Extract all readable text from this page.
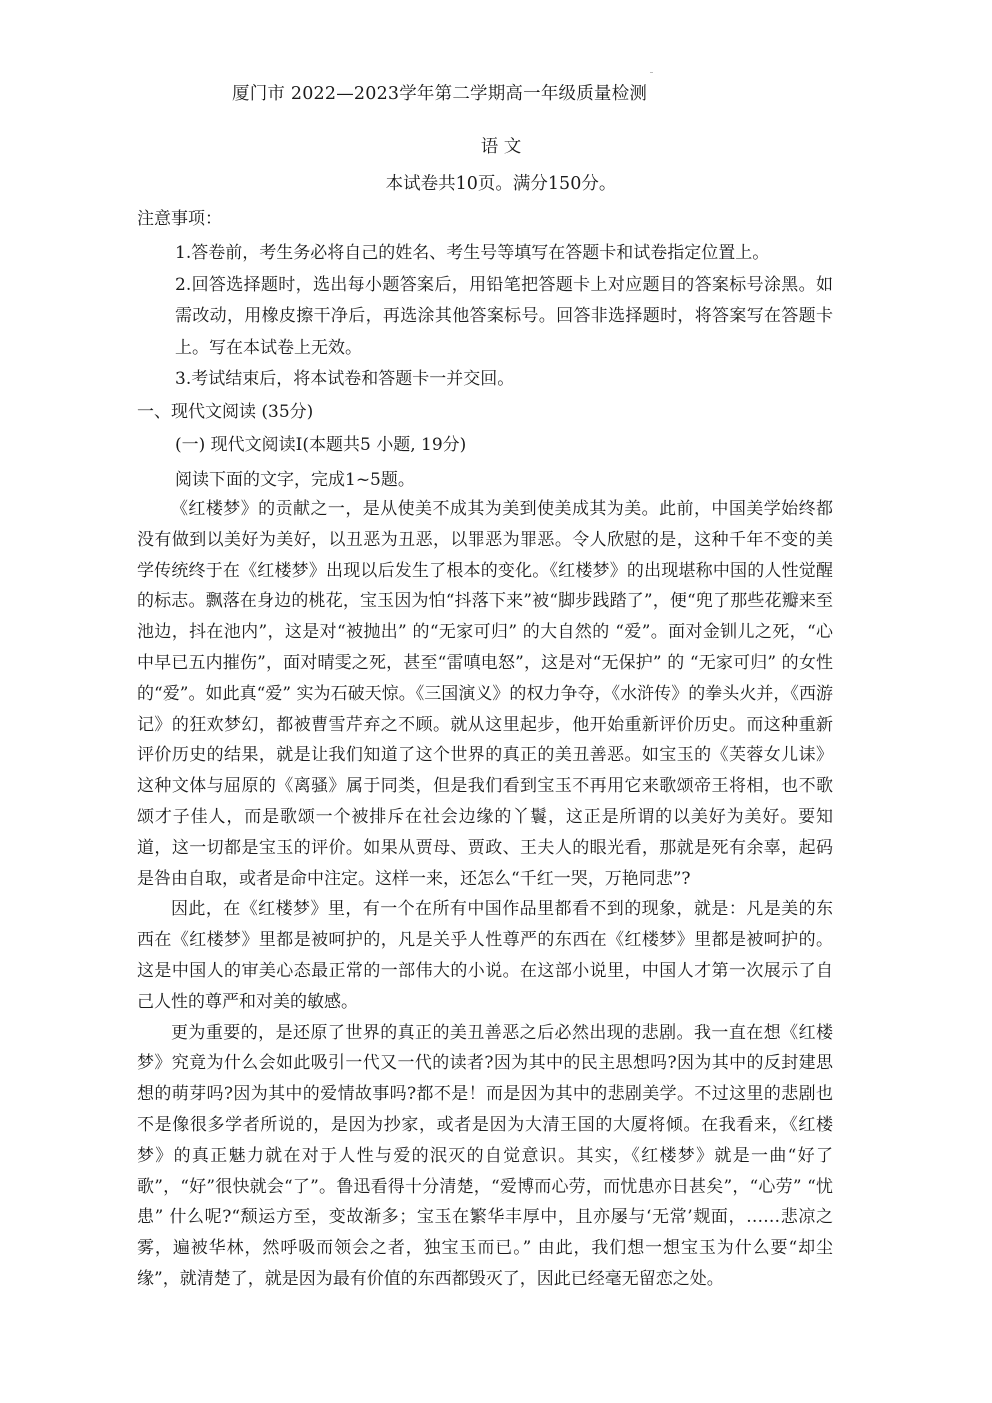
厦门市 2022—2023学年第二学期高一年级质量检测
语 文
本试卷共10页。满分150分。
注意事项：

1.答卷前，考生务必将自己的姓名、考生号等填写在答题卡和试卷指定位置上。

2.回答选择题时，选出每小题答案后，用铅笔把答题卡上对应题目的答案标号涂黑。如需改动，用橡皮擦干净后，再选涂其他答案标号。回答非选择题时，将答案写在答题卡上。写在本试卷上无效。

3.考试结束后，将本试卷和答题卡一并交回。

一、现代文阅读 (35分)
(一) 现代文阅读I(本题共5 小题, 19分)
阅读下面的文字，完成1~5题。

《红楼梦》的贡献之一，是从使美不成其为美到使美成其为美。此前，中国美学始终都没有做到以美好为美好，以丑恶为丑恶，以罪恶为罪恶。令人欣慰的是，这种千年不变的美学传统终于在《红楼梦》出现以后发生了根本的变化。《红楼梦》的出现堪称中国的人性觉醒的标志。飘落在身边的桃花，宝玉因为怕“抖落下来”被“脚步践踏了”，便“兜了那些花瓣来至池边，抖在池内”，这是对“被抛出” 的“无家可归” 的大自然的 “爱”。面对金钏儿之死，“心中早已五内摧伤”，面对晴雯之死，甚至“雷嗔电怒”，这是对“无保护” 的 “无家可归” 的女性的“爱”。如此真“爱” 实为石破天惊。《三国演义》的权力争夺，《水浒传》的拳头火并，《西游记》的狂欢梦幻，都被曹雪芹弃之不顾。就从这里起步，他开始重新评价历史。而这种重新评价历史的结果，就是让我们知道了这个世界的真正的美丑善恶。如宝玉的《芙蓉女儿诔》这种文体与屈原的《离骚》属于同类，但是我们看到宝玉不再用它来歌颂帝王将相，也不歌颂才子佳人，而是歌颂一个被排斥在社会边缘的丫鬟，这正是所谓的以美好为美好。要知道，这一切都是宝玉的评价。如果从贾母、贾政、王夫人的眼光看，那就是死有余辜，起码是咎由自取，或者是命中注定。这样一来，还怎么“千红一哭，万艳同悲”?

因此，在《红楼梦》里，有一个在所有中国作品里都看不到的现象，就是：凡是美的东西在《红楼梦》里都是被呵护的，凡是关乎人性尊严的东西在《红楼梦》里都是被呵护的。这是中国人的审美心态最正常的一部伟大的小说。在这部小说里，中国人才第一次展示了自己人性的尊严和对美的敏感。

更为重要的，是还原了世界的真正的美丑善恶之后必然出现的悲剧。我一直在想《红楼梦》究竟为什么会如此吸引一代又一代的读者?因为其中的民主思想吗?因为其中的反封建思想的萌芽吗?因为其中的爱情故事吗?都不是！而是因为其中的悲剧美学。不过这里的悲剧也不是像很多学者所说的，是因为抄家，或者是因为大清王国的大厦将倾。在我看来，《红楼梦》的真正魅力就在对于人性与爱的泯灭的自觉意识。其实，《红楼梦》就是一曲“好了歌”，“好”很快就会“了”。鲁迅看得十分清楚，“爱博而心劳，而忧患亦日甚矣”，“心劳” “忧患” 什么呢?“颓运方至，变故渐多；宝玉在繁华丰厚中，且亦屡与‘无常’觌面，……悲凉之雾，遍被华林，然呼吸而领会之者，独宝玉而已。” 由此，我们想一想宝玉为什么要“却尘缘”，就清楚了，就是因为最有价值的东西都毁灭了，因此已经毫无留恋之处。
